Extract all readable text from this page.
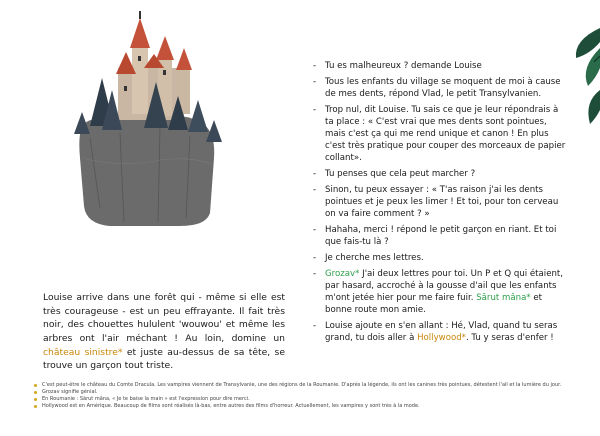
Louise arrive dans une forêt qui - même si elle est très courageuse - est un peu effrayante. Il fait très noir, des chouettes hululent 'wouwou' et même les arbres ont l'air méchant ! Au loin, domine un château sinistre* et juste au-dessus de sa tête, se trouve un garçon tout triste.

- Tu es malheureux ? demande Louise
- Tous les enfants du village se moquent de moi à cause de mes dents, répond Vlad, le petit Transylvanien.
- Trop nul, dit Louise. Tu sais ce que je leur répondrais à ta place : « C'est vrai que mes dents sont pointues, mais c'est ça qui me rend unique et canon ! En plus c'est très pratique pour couper des morceaux de papier collant».
- Tu penses que cela peut marcher ?
- Sinon, tu peux essayer : « T'as raison j'ai les dents pointues et je peux les limer ! Et toi, pour ton cerveau on va faire comment ? »
- Hahaha, merci ! répond le petit garçon en riant. Et toi que fais-tu là ?
- Je cherche mes lettres.
- Grozav* J'ai deux lettres pour toi. Un P et Q qui étaient, par hasard, accroché à la gousse d'ail que les enfants m'ont jetée hier pour me faire fuir. Sărut mâna* et bonne route mon amie.
- Louise ajoute en s'en allant : Hé, Vlad, quand tu seras grand, tu dois aller à Hollywood*. Tu y seras d'enfer !
C'est peut-être le château du Comte Dracula. Les vampires viennent de Transylvanie, une des régions de la Roumanie. D'après la légende, ils ont les canines très pointues, détestent l'ail et la lumière du jour.
Grozav signifie génial.
En Roumanie : Sărut mâna, « Je te baise la main » est l'expression pour dire merci.
Hollywood est en Amérique. Beaucoup de films sont réalisés là-bas, entre autres des films d'horreur. Actuellement, les vampires y sont très à la mode.
